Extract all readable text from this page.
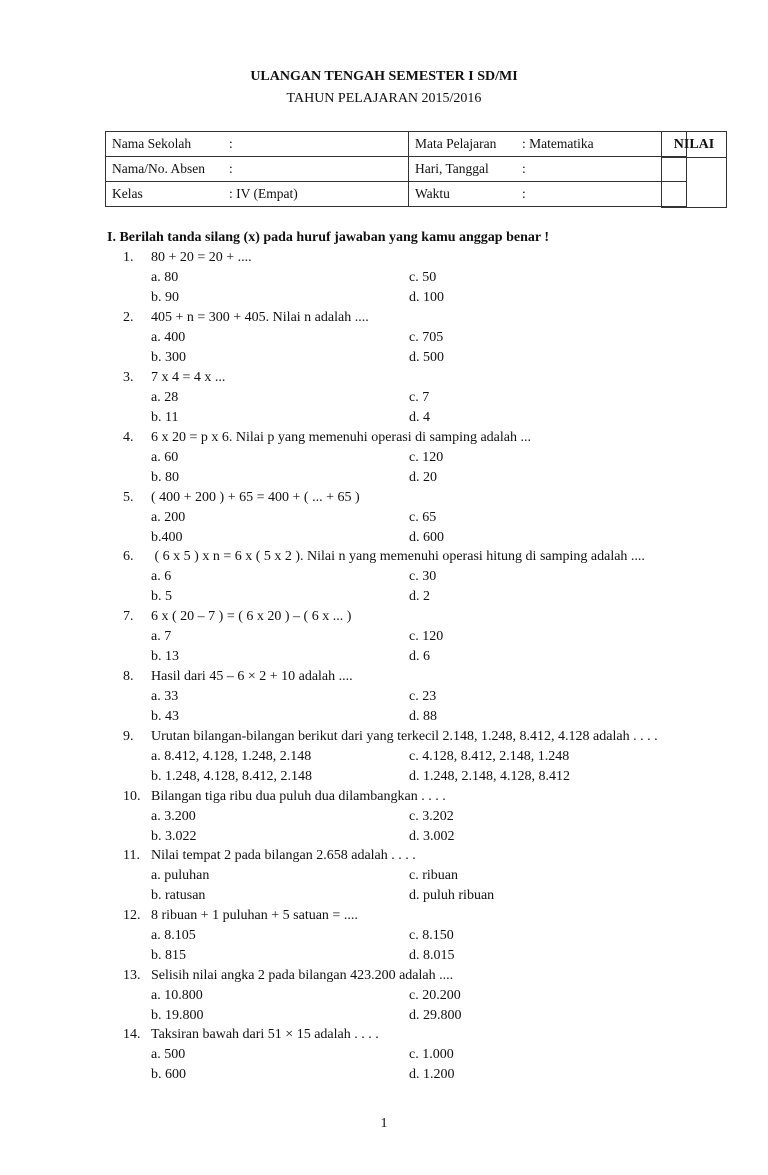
ULANGAN TENGAH SEMESTER I SD/MI
TAHUN PELAJARAN 2015/2016
Nama Sekolah :	Mata Pelajaran : Matematika
Nama/No. Absen :	Hari, Tanggal :
Kelas : IV (Empat)	Waktu :
NILAI
I. Berilah tanda silang (x) pada huruf jawaban yang kamu anggap benar !
1. 80 + 20 = 20 + ....
a. 80	c. 50
b. 90	d. 100
2. 405 + n = 300 + 405. Nilai n adalah ....
a. 400	c. 705
b. 300	d. 500
3. 7 x 4 = 4 x ...
a. 28	c. 7
b. 11	d. 4
4. 6 x 20 = p x 6. Nilai p yang memenuhi operasi di samping adalah ...
a. 60	c. 120
b. 80	d. 20
5. ( 400 + 200 ) + 65 = 400 + ( ... + 65 )
a. 200	c. 65
b.400	d. 600
6. ( 6 x 5 ) x n = 6 x ( 5 x 2 ). Nilai n yang memenuhi operasi hitung di samping adalah ....
a. 6	c. 30
b. 5	d. 2
7. 6 x ( 20 – 7 ) = ( 6 x 20 ) – ( 6 x ... )
a. 7	c. 120
b. 13	d. 6
8. Hasil dari 45 – 6 × 2 + 10 adalah ....
a. 33	c. 23
b. 43	d. 88
9. Urutan bilangan-bilangan berikut dari yang terkecil 2.148, 1.248, 8.412, 4.128 adalah . . . .
a. 8.412, 4.128, 1.248, 2.148	c. 4.128, 8.412, 2.148, 1.248
b. 1.248, 4.128, 8.412, 2.148	d. 1.248, 2.148, 4.128, 8.412
10. Bilangan tiga ribu dua puluh dua dilambangkan . . . .
a. 3.200	c. 3.202
b. 3.022	d. 3.002
11. Nilai tempat 2 pada bilangan 2.658 adalah . . . .
a. puluhan	c. ribuan
b. ratusan	d. puluh ribuan
12. 8 ribuan + 1 puluhan + 5 satuan = ....
a. 8.105	c. 8.150
b. 815	d. 8.015
13. Selisih nilai angka 2 pada bilangan 423.200 adalah ....
a. 10.800	c. 20.200
b. 19.800	d. 29.800
14. Taksiran bawah dari 51 × 15 adalah . . . .
a. 500	c. 1.000
b. 600	d. 1.200
1
